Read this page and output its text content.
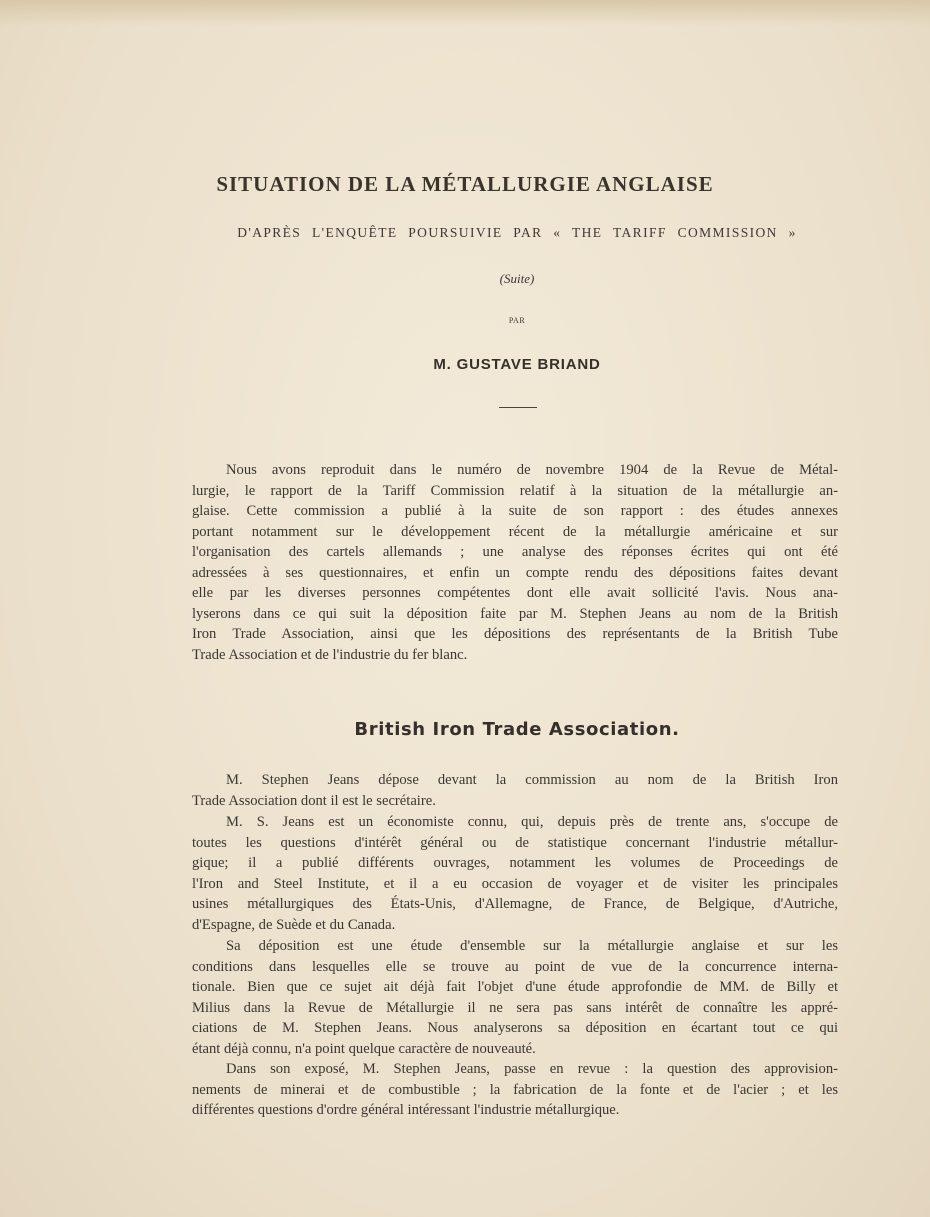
SITUATION DE LA MÉTALLURGIE ANGLAISE
D'APRÈS L'ENQUÊTE POURSUIVIE PAR « THE TARIFF COMMISSION »
(Suite)
PAR
M. GUSTAVE BRIAND
Nous avons reproduit dans le numéro de novembre 1904 de la Revue de Métal-
lurgie, le rapport de la Tariff Commission relatif à la situation de la métallurgie an-
glaise. Cette commission a publié à la suite de son rapport : des études annexes
portant notamment sur le développement récent de la métallurgie américaine et sur
l'organisation des cartels allemands ; une analyse des réponses écrites qui ont été
adressées à ses questionnaires, et enfin un compte rendu des dépositions faites devant
elle par les diverses personnes compétentes dont elle avait sollicité l'avis. Nous ana-
lyserons dans ce qui suit la déposition faite par M. Stephen Jeans au nom de la British
Iron Trade Association, ainsi que les dépositions des représentants de la British Tube
Trade Association et de l'industrie du fer blanc.
British Iron Trade Association.
M. Stephen Jeans dépose devant la commission au nom de la British Iron
Trade Association dont il est le secrétaire.
M. S. Jeans est un économiste connu, qui, depuis près de trente ans, s'occupe de
toutes les questions d'intérêt général ou de statistique concernant l'industrie métallur-
gique; il a publié différents ouvrages, notamment les volumes de Proceedings de
l'Iron and Steel Institute, et il a eu occasion de voyager et de visiter les principales
usines métallurgiques des États-Unis, d'Allemagne, de France, de Belgique, d'Autriche,
d'Espagne, de Suède et du Canada.
Sa déposition est une étude d'ensemble sur la métallurgie anglaise et sur les
conditions dans lesquelles elle se trouve au point de vue de la concurrence interna-
tionale. Bien que ce sujet ait déjà fait l'objet d'une étude approfondie de MM. de Billy et
Milius dans la Revue de Métallurgie il ne sera pas sans intérêt de connaître les appré-
ciations de M. Stephen Jeans. Nous analyserons sa déposition en écartant tout ce qui
étant déjà connu, n'a point quelque caractère de nouveauté.
Dans son exposé, M. Stephen Jeans, passe en revue : la question des approvision-
nements de minerai et de combustible ; la fabrication de la fonte et de l'acier ; et les
différentes questions d'ordre général intéressant l'industrie métallurgique.
